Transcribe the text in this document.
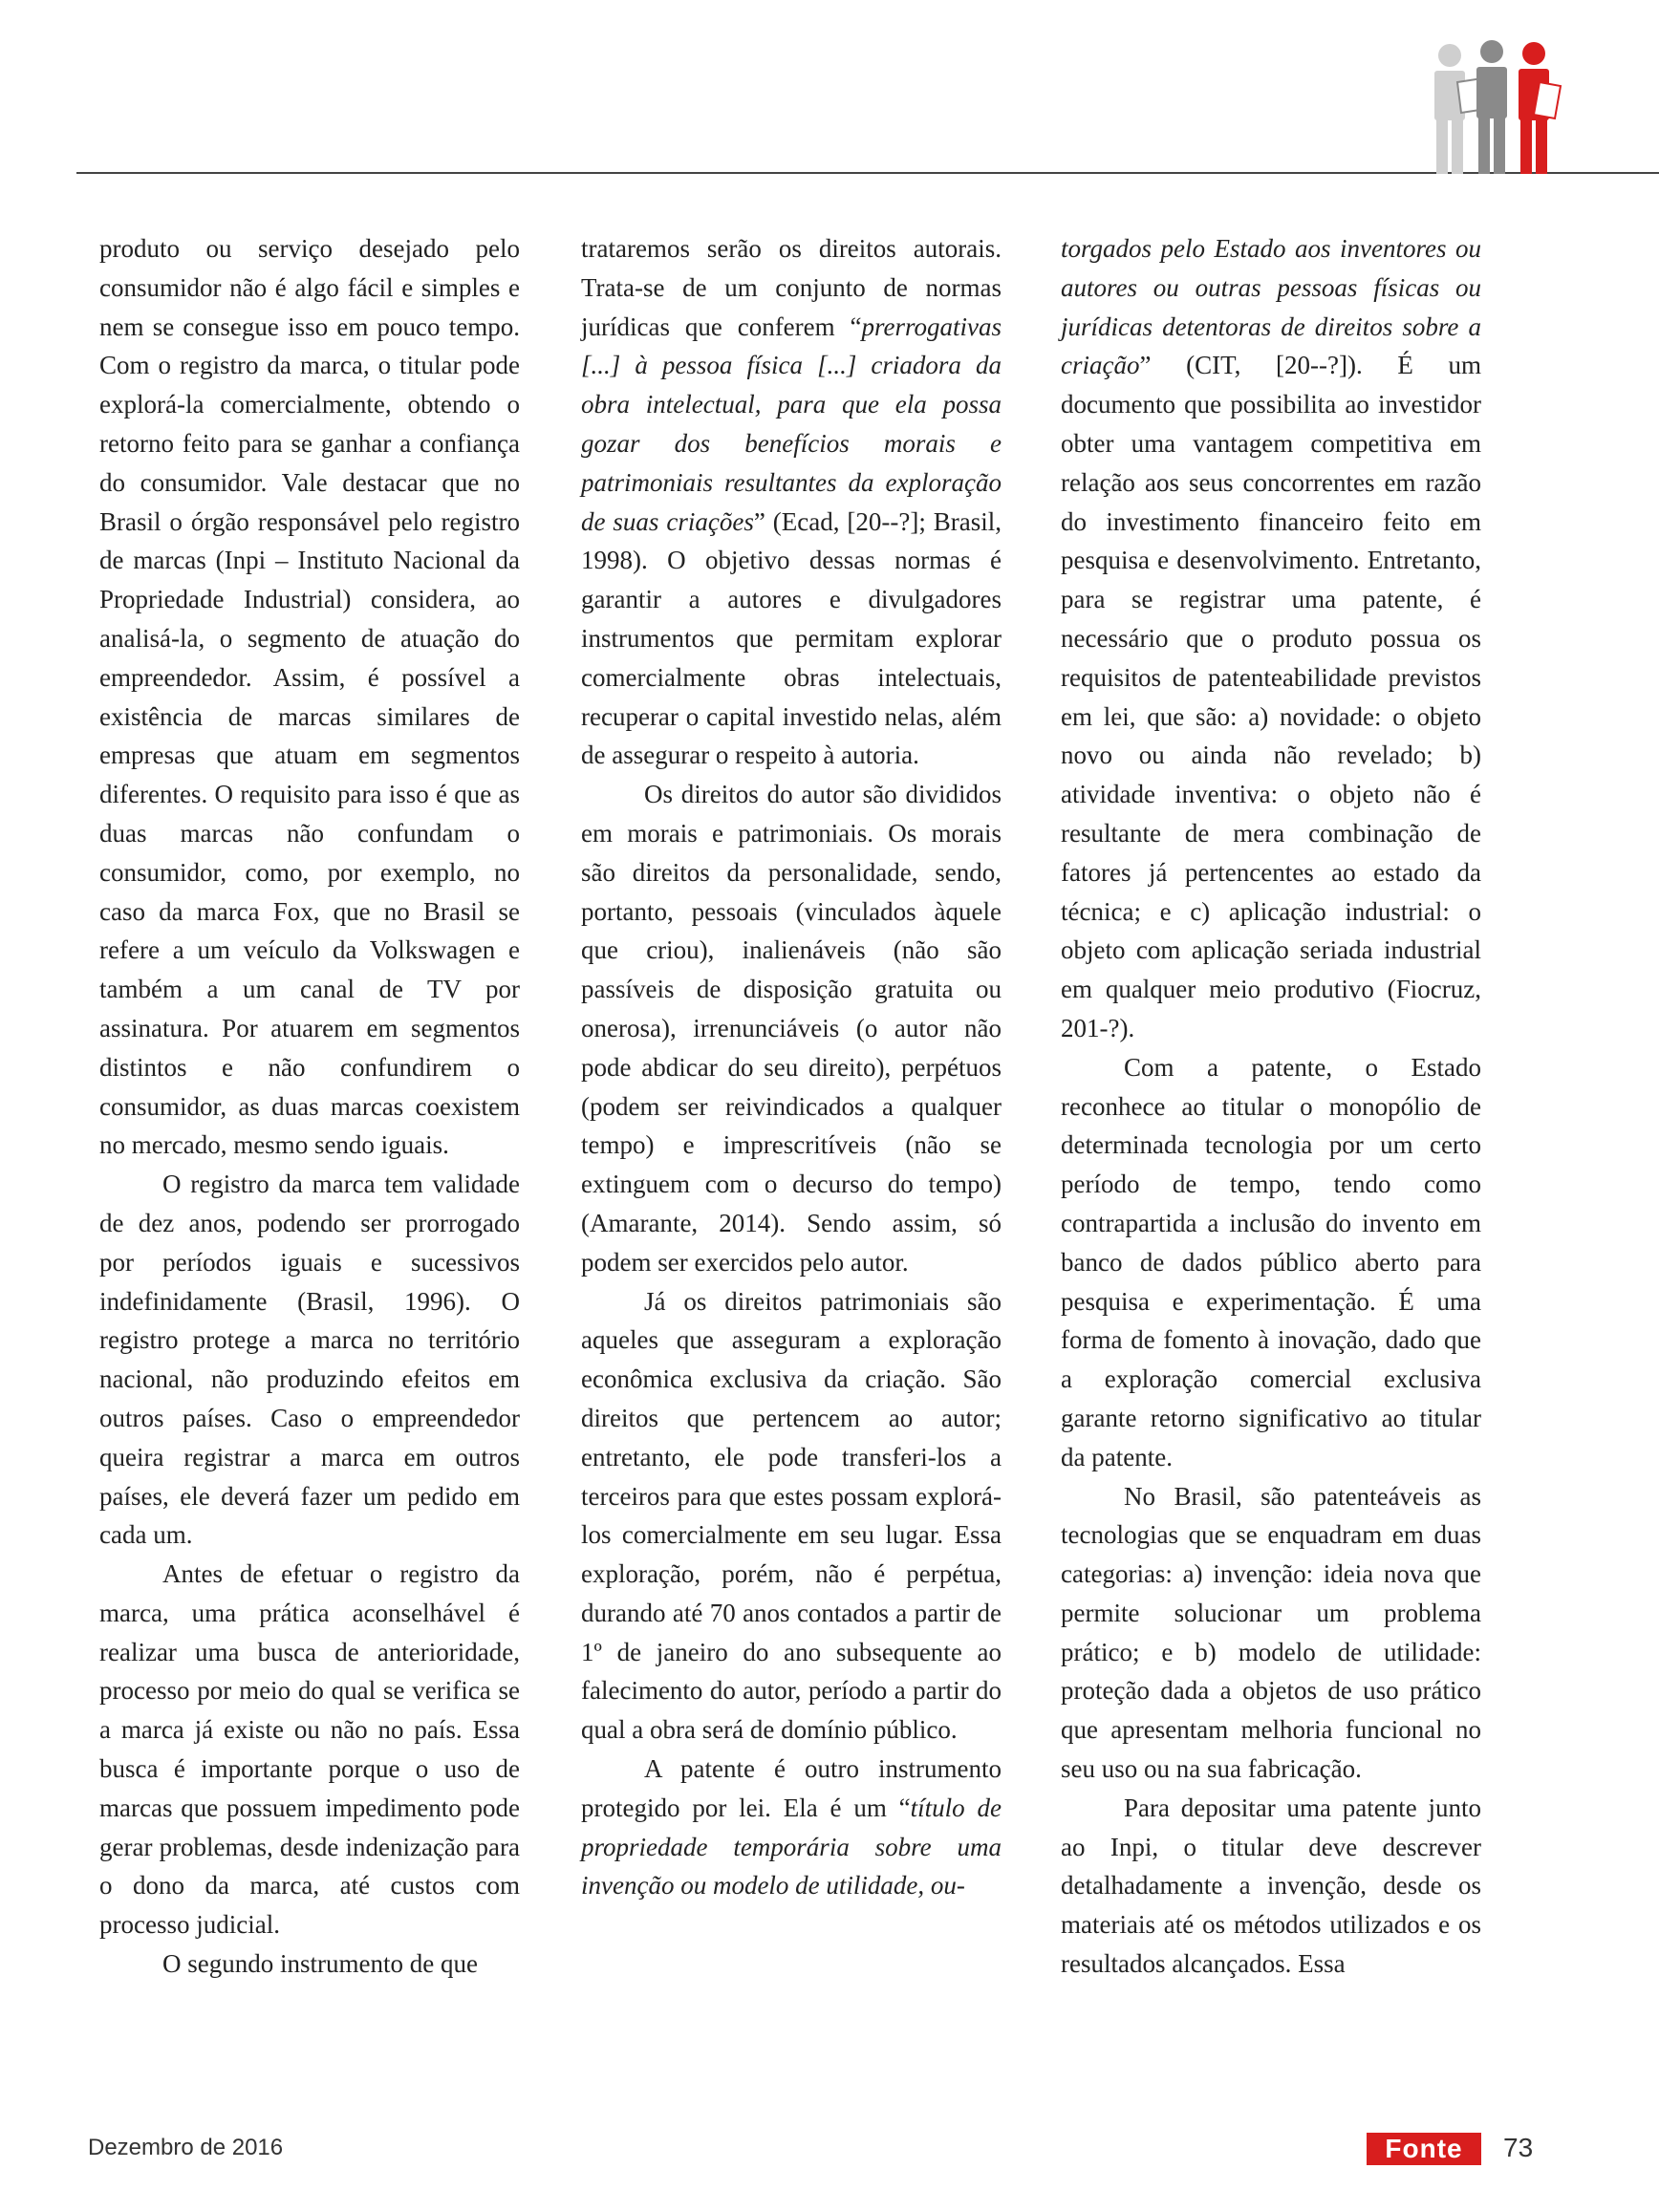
produto ou serviço desejado pelo consumidor não é algo fácil e simples e nem se consegue isso em pouco tempo. Com o registro da marca, o titular pode explorá-la comercialmente, obtendo o retorno feito para se ganhar a confiança do consumidor. Vale destacar que no Brasil o órgão responsável pelo registro de marcas (Inpi – Instituto Nacional da Propriedade Industrial) considera, ao analisá-la, o segmento de atuação do empreendedor. Assim, é possível a existência de marcas similares de empresas que atuam em segmentos diferentes. O requisito para isso é que as duas marcas não confundam o consumidor, como, por exemplo, no caso da marca Fox, que no Brasil se refere a um veículo da Volkswagen e também a um canal de TV por assinatura. Por atuarem em segmentos distintos e não confundirem o consumidor, as duas marcas coexistem no mercado, mesmo sendo iguais.

O registro da marca tem validade de dez anos, podendo ser prorrogado por períodos iguais e sucessivos indefinidamente (Brasil, 1996). O registro protege a marca no território nacional, não produzindo efeitos em outros países. Caso o empreendedor queira registrar a marca em outros países, ele deverá fazer um pedido em cada um.

Antes de efetuar o registro da marca, uma prática aconselhável é realizar uma busca de anterioridade, processo por meio do qual se verifica se a marca já existe ou não no país. Essa busca é importante porque o uso de marcas que possuem impedimento pode gerar problemas, desde indenização para o dono da marca, até custos com processo judicial.

O segundo instrumento de que

trataremos serão os direitos autorais. Trata-se de um conjunto de normas jurídicas que conferem “prerrogativas [...] à pessoa física [...] criadora da obra intelectual, para que ela possa gozar dos benefícios morais e patrimoniais resultantes da exploração de suas criações” (Ecad, [20--?]; Brasil, 1998). O objetivo dessas normas é garantir a autores e divulgadores instrumentos que permitam explorar comercialmente obras intelectuais, recuperar o capital investido nelas, além de assegurar o respeito à autoria.

Os direitos do autor são divididos em morais e patrimoniais. Os morais são direitos da personalidade, sendo, portanto, pessoais (vinculados àquele que criou), inalienáveis (não são passíveis de disposição gratuita ou onerosa), irrenunciáveis (o autor não pode abdicar do seu direito), perpétuos (podem ser reivindicados a qualquer tempo) e imprescritíveis (não se extinguem com o decurso do tempo) (Amarante, 2014). Sendo assim, só podem ser exercidos pelo autor.

Já os direitos patrimoniais são aqueles que asseguram a exploração econômica exclusiva da criação. São direitos que pertencem ao autor; entretanto, ele pode transferi-los a terceiros para que estes possam explorá-los comercialmente em seu lugar. Essa exploração, porém, não é perpétua, durando até 70 anos contados a partir de 1º de janeiro do ano subsequente ao falecimento do autor, período a partir do qual a obra será de domínio público.

A patente é outro instrumento protegido por lei. Ela é um “título de propriedade temporária sobre uma invenção ou modelo de utilidade, ou-

torgados pelo Estado aos inventores ou autores ou outras pessoas físicas ou jurídicas detentoras de direitos sobre a criação” (CIT, [20--?]). É um documento que possibilita ao investidor obter uma vantagem competitiva em relação aos seus concorrentes em razão do investimento financeiro feito em pesquisa e desenvolvimento. Entretanto, para se registrar uma patente, é necessário que o produto possua os requisitos de patenteabilidade previstos em lei, que são: a) novidade: o objeto novo ou ainda não revelado; b) atividade inventiva: o objeto não é resultante de mera combinação de fatores já pertencentes ao estado da técnica; e c) aplicação industrial: o objeto com aplicação seriada industrial em qualquer meio produtivo (Fiocruz, 201-?).

Com a patente, o Estado reconhece ao titular o monopólio de determinada tecnologia por um certo período de tempo, tendo como contrapartida a inclusão do invento em banco de dados público aberto para pesquisa e experimentação. É uma forma de fomento à inovação, dado que a exploração comercial exclusiva garante retorno significativo ao titular da patente.

No Brasil, são patenteáveis as tecnologias que se enquadram em duas categorias: a) invenção: ideia nova que permite solucionar um problema prático; e b) modelo de utilidade: proteção dada a objetos de uso prático que apresentam melhoria funcional no seu uso ou na sua fabricação.

Para depositar uma patente junto ao Inpi, o titular deve descrever detalhadamente a invenção, desde os materiais até os métodos utilizados e os resultados alcançados. Essa

Dezembro de 2016	Fonte	73
